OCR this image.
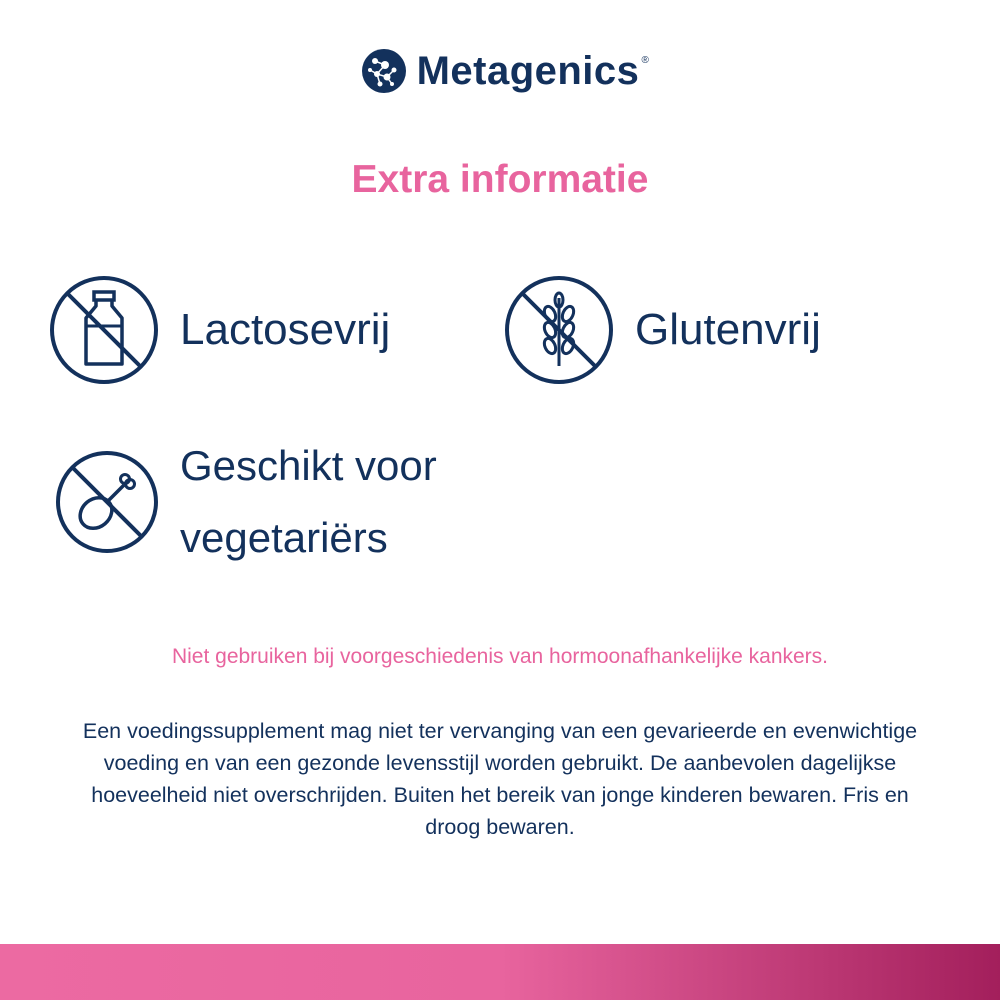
Metagenics ®
Extra informatie
Lactosevrij	Glutenvrij
Geschikt voor
vegetariërs
Niet gebruiken bij voorgeschiedenis van hormoonafhankelijke kankers.
Een voedingssupplement mag niet ter vervanging van een gevarieerde en evenwichtige voeding en van een gezonde levensstijl worden gebruikt. De aanbevolen dagelijkse hoeveelheid niet overschrijden. Buiten het bereik van jonge kinderen bewaren. Fris en droog bewaren.
